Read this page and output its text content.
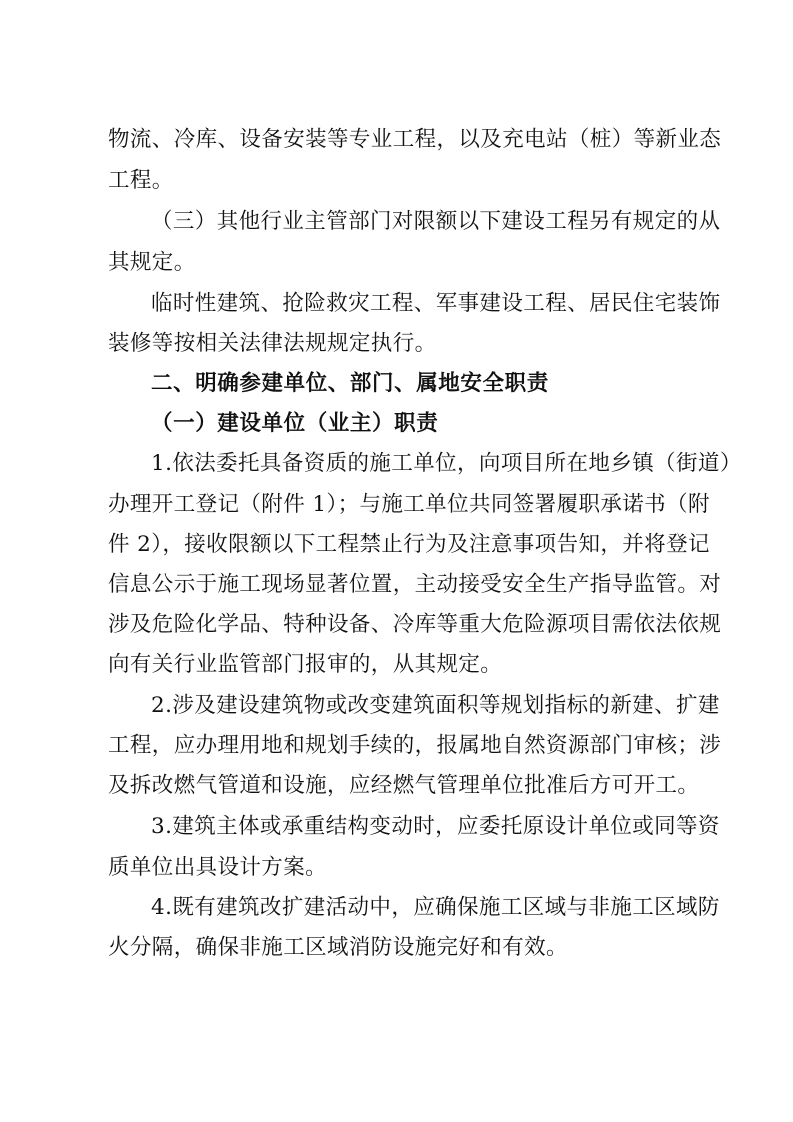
物流、冷库、设备安装等专业工程，以及充电站（桩）等新业态
工程。
（三）其他行业主管部门对限额以下建设工程另有规定的从
其规定。
临时性建筑、抢险救灾工程、军事建设工程、居民住宅装饰
装修等按相关法律法规规定执行。
二、明确参建单位、部门、属地安全职责
（一）建设单位（业主）职责
1.依法委托具备资质的施工单位，向项目所在地乡镇（街道）
办理开工登记（附件 1）；与施工单位共同签署履职承诺书（附
件 2），接收限额以下工程禁止行为及注意事项告知，并将登记
信息公示于施工现场显著位置，主动接受安全生产指导监管。对
涉及危险化学品、特种设备、冷库等重大危险源项目需依法依规
向有关行业监管部门报审的，从其规定。
2.涉及建设建筑物或改变建筑面积等规划指标的新建、扩建
工程，应办理用地和规划手续的，报属地自然资源部门审核；涉
及拆改燃气管道和设施，应经燃气管理单位批准后方可开工。
3.建筑主体或承重结构变动时，应委托原设计单位或同等资
质单位出具设计方案。
4.既有建筑改扩建活动中，应确保施工区域与非施工区域防
火分隔，确保非施工区域消防设施完好和有效。
